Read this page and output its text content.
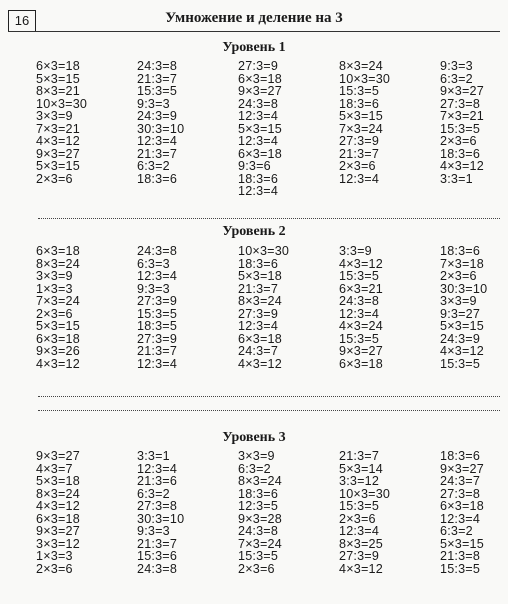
16	Умножение и деление на 3
Уровень 1
6×3=18
5×3=15
8×3=21
10×3=30
3×3=9
7×3=21
4×3=12
9×3=27
5×3=15
2×3=6
24:3=8
21:3=7
15:3=5
9:3=3
24:3=9
30:3=10
12:3=4
21:3=7
6:3=2
18:3=6
27:3=9
6×3=18
9×3=27
24:3=8
12:3=4
5×3=15
12:3=4
6×3=18
9:3=6
18:3=6
12:3=4
8×3=24
10×3=30
15:3=5
18:3=6
5×3=15
7×3=24
27:3=9
21:3=7
2×3=6
12:3=4
9:3=3
6:3=2
9×3=27
27:3=8
7×3=21
15:3=5
2×3=6
18:3=6
4×3=12
3:3=1
Уровень 2
6×3=18
8×3=24
3×3=9
1×3=3
7×3=24
2×3=6
5×3=15
6×3=18
9×3=26
4×3=12
24:3=8
6:3=3
12:3=4
9:3=3
27:3=9
15:3=5
18:3=5
27:3=9
21:3=7
12:3=4
10×3=30
18:3=6
5×3=18
21:3=7
8×3=24
27:3=9
12:3=4
6×3=18
24:3=7
4×3=12
3:3=9
4×3=12
15:3=5
6×3=21
24:3=8
12:3=4
4×3=24
15:3=5
9×3=27
6×3=18
18:3=6
7×3=18
2×3=6
30:3=10
3×3=9
9:3=27
5×3=15
24:3=9
4×3=12
15:3=5
Уровень 3
9×3=27
4×3=7
5×3=18
8×3=24
4×3=12
6×3=18
9×3=27
3×3=12
1×3=3
2×3=6
3:3=1
12:3=4
21:3=6
6:3=2
27:3=8
30:3=10
9:3=3
21:3=7
15:3=6
24:3=8
3×3=9
6:3=2
8×3=24
18:3=6
12:3=5
9×3=28
24:3=8
7×3=24
15:3=5
2×3=6
21:3=7
5×3=14
3:3=12
10×3=30
15:3=5
2×3=6
12:3=4
8×3=25
27:3=9
4×3=12
18:3=6
9×3=27
24:3=7
27:3=8
6×3=18
12:3=4
6:3=2
5×3=15
21:3=8
15:3=5
